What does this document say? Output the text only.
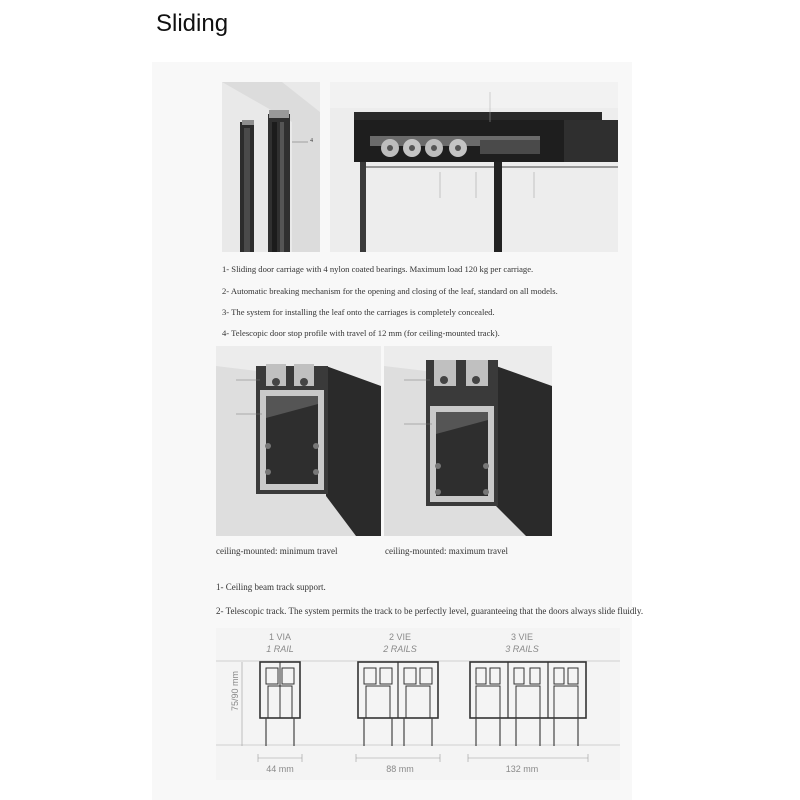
Sliding
4
1- Sliding door carriage with 4 nylon coated bearings. Maximum load 120 kg per carriage.
2- Automatic breaking mechanism for the opening and closing of the leaf, standard on all models.
3- The system for installing the leaf onto the carriages is completely concealed.
4- Telescopic door stop profile with travel of 12 mm (for ceiling-mounted track).
ceiling-mounted: minimum travel	ceiling-mounted: maximum travel
1- Ceiling beam track support.
2- Telescopic track. The system permits the track to be perfectly level, guaranteeing that the doors always slide fluidly.
1 VIA
1 RAIL
2 VIE
2 RAILS
3 VIE
3 RAILS
75/90 mm
44 mm	88 mm	132 mm
